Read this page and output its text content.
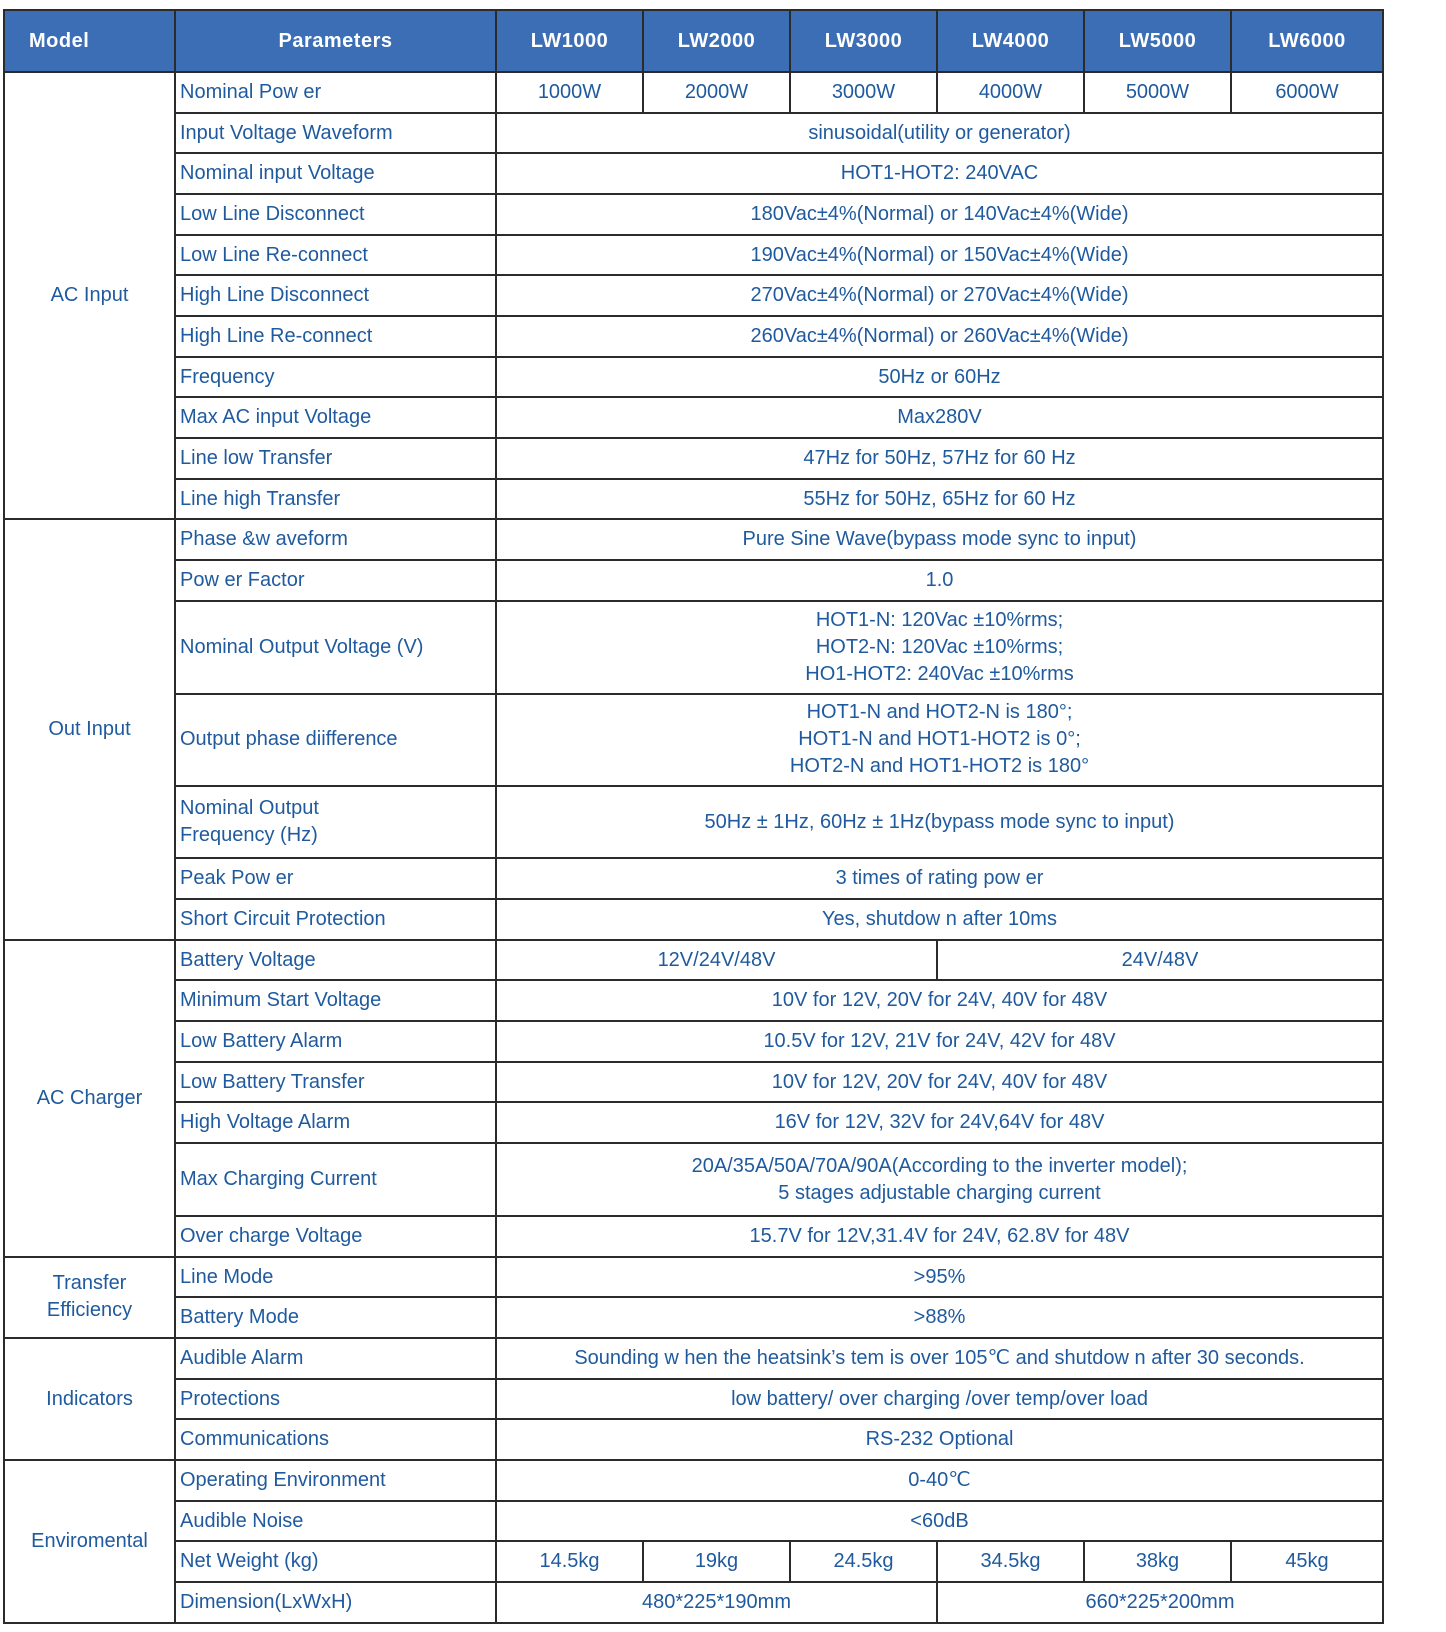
Model	Parameters	LW1000	LW2000	LW3000	LW4000	LW5000	LW6000
AC Input	Nominal Pow er	1000W	2000W	3000W	4000W	5000W	6000W
	Input Voltage Waveform	sinusoidal(utility or generator)					
	Nominal input Voltage	HOT1-HOT2: 240VAC					
	Low Line Disconnect	180Vac±4%(Normal) or 140Vac±4%(Wide)					
	Low Line Re-connect	190Vac±4%(Normal) or 150Vac±4%(Wide)					
	High Line Disconnect	270Vac±4%(Normal) or 270Vac±4%(Wide)					
	High Line Re-connect	260Vac±4%(Normal) or 260Vac±4%(Wide)					
	Frequency	50Hz or 60Hz					
	Max AC input Voltage	Max280V					
	Line low Transfer	47Hz for 50Hz, 57Hz for 60 Hz					
	Line high Transfer	55Hz for 50Hz, 65Hz for 60 Hz					
Out Input	Phase &w aveform	Pure Sine Wave(bypass mode sync to input)					
	Pow er Factor	1.0					
	Nominal Output Voltage (V)	HOT1-N: 120Vac ±10%rms;
HOT2-N: 120Vac ±10%rms;
HO1-HOT2: 240Vac ±10%rms					

	Output phase diifference	HOT1-N and HOT2-N is 180°;
HOT1-N and HOT1-HOT2 is 0°;
HOT2-N and HOT1-HOT2 is 180°					

	Nominal Output
Frequency (Hz)	50Hz ± 1Hz, 60Hz ± 1Hz(bypass mode sync to input)					
	Peak Pow er	3 times of rating pow er					
	Short Circuit Protection	Yes, shutdow n after 10ms					
AC Charger	Battery Voltage	12V/24V/48V			24V/48V		
	Minimum Start Voltage	10V for 12V, 20V for 24V, 40V for 48V					
	Low Battery Alarm	10.5V for 12V, 21V for 24V, 42V for 48V					
	Low Battery Transfer	10V for 12V, 20V for 24V, 40V for 48V					
	High Voltage Alarm	16V for 12V, 32V for 24V,64V for 48V					
	Max Charging Current	20A/35A/50A/70A/90A(According to the inverter model);
5 stages adjustable charging current					

	Over charge Voltage	15.7V for 12V,31.4V for 24V, 62.8V for 48V					

Transfer
Efficiency	Line Mode	>95%					
	Battery Mode	>88%					
Indicators	Audible Alarm	Sounding w hen the heatsink’s tem is over 105℃ and shutdow n after 30 seconds.					
	Protections	low battery/ over charging /over temp/over load					
	Communications	RS-232 Optional					
Enviromental	Operating Environment	0-40℃					
	Audible Noise	<60dB					
	Net Weight (kg)	14.5kg	19kg	24.5kg	34.5kg	38kg	45kg
	Dimension(LxWxH)	480*225*190mm			660*225*200mm		
